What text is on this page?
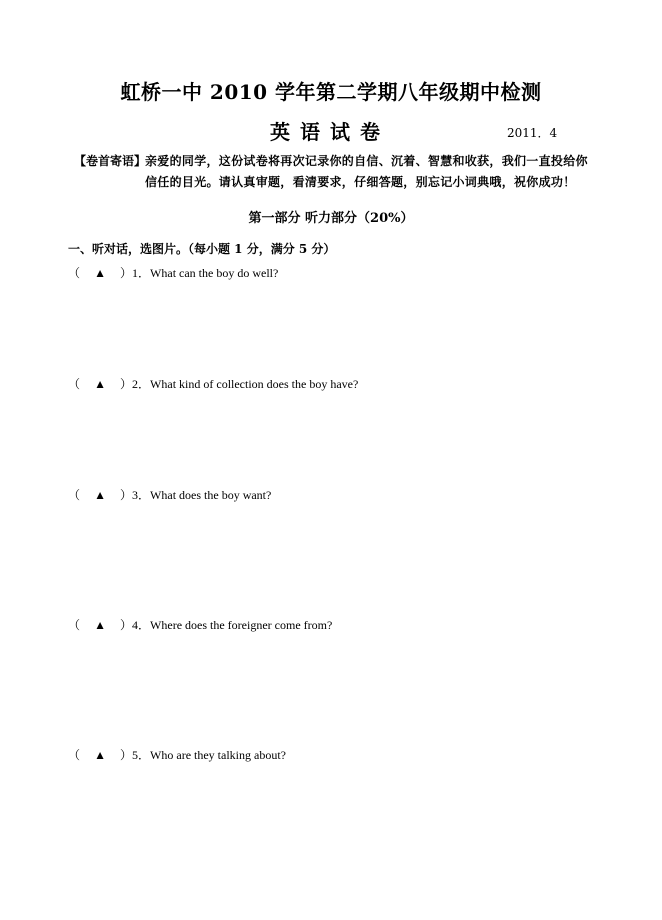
虹桥一中 2010 学年第二学期八年级期中检测
英语试卷	2011．4
【卷首寄语】
亲爱的同学，这份试卷将再次记录你的自信、沉着、智慧和收获，我们一直投给你
信任的目光。请认真审题，看清要求，仔细答题，别忘记小词典哦，祝你成功！
第一部分 听力部分（20%）
一、听对话，选图片。（每小题 1 分，满分 5 分）
（ ▲ ）1．What can the boy do well?
（ ▲ ）2．What kind of collection does the boy have?
（ ▲ ）3．What does the boy want?
（ ▲ ）4．Where does the foreigner come from?
（ ▲ ）5．Who are they talking about?
